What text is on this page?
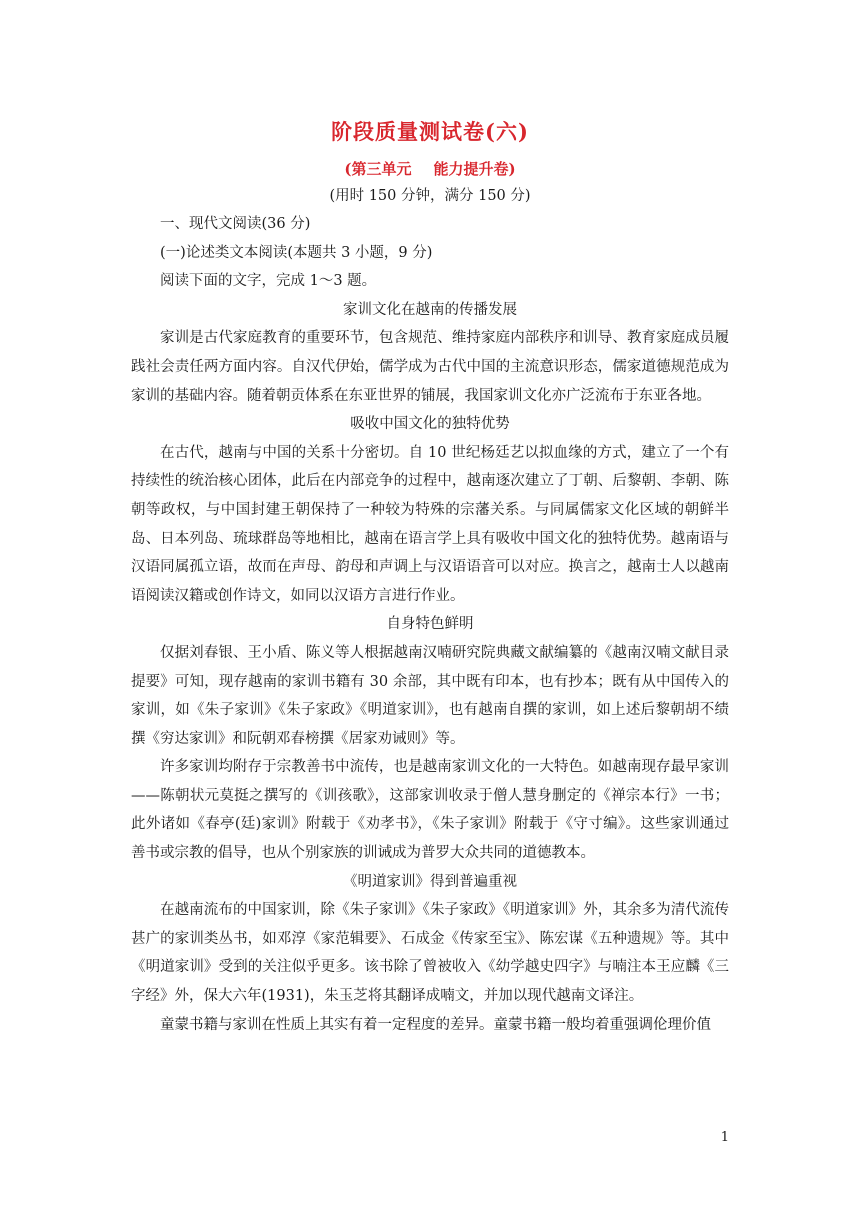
阶段质量测试卷(六)
(第三单元 能力提升卷)
(用时 150 分钟，满分 150 分)

一、现代文阅读(36 分)

(一)论述类文本阅读(本题共 3 小题，9 分)

阅读下面的文字，完成 1～3 题。

家训文化在越南的传播发展

家训是古代家庭教育的重要环节，包含规范、维持家庭内部秩序和训导、教育家庭成员履践社会责任两方面内容。自汉代伊始，儒学成为古代中国的主流意识形态，儒家道德规范成为家训的基础内容。随着朝贡体系在东亚世界的铺展，我国家训文化亦广泛流布于东亚各地。

吸收中国文化的独特优势

在古代，越南与中国的关系十分密切。自 10 世纪杨廷艺以拟血缘的方式，建立了一个有持续性的统治核心团体，此后在内部竞争的过程中，越南逐次建立了丁朝、后黎朝、李朝、陈朝等政权，与中国封建王朝保持了一种较为特殊的宗藩关系。与同属儒家文化区域的朝鲜半岛、日本列岛、琉球群岛等地相比，越南在语言学上具有吸收中国文化的独特优势。越南语与汉语同属孤立语，故而在声母、韵母和声调上与汉语语音可以对应。换言之，越南士人以越南语阅读汉籍或创作诗文，如同以汉语方言进行作业。

自身特色鲜明

仅据刘春银、王小盾、陈义等人根据越南汉喃研究院典藏文献编纂的《越南汉喃文献目录提要》可知，现存越南的家训书籍有 30 余部，其中既有印本，也有抄本；既有从中国传入的家训，如《朱子家训》《朱子家政》《明道家训》，也有越南自撰的家训，如上述后黎朝胡不绩撰《穷达家训》和阮朝邓春榜撰《居家劝诫则》等。

许多家训均附存于宗教善书中流传，也是越南家训文化的一大特色。如越南现存最早家训——陈朝状元莫挺之撰写的《训孩歌》，这部家训收录于僧人慧身删定的《禅宗本行》一书；此外诸如《春亭(廷)家训》附载于《劝孝书》，《朱子家训》附载于《守寸编》。这些家训通过善书或宗教的倡导，也从个别家族的训诫成为普罗大众共同的道德教本。

《明道家训》得到普遍重视

在越南流布的中国家训，除《朱子家训》《朱子家政》《明道家训》外，其余多为清代流传甚广的家训类丛书，如邓淳《家范辑要》、石成金《传家至宝》、陈宏谋《五种遗规》等。其中《明道家训》受到的关注似乎更多。该书除了曾被收入《幼学越史四字》与喃注本王应麟《三字经》外，保大六年(1931)，朱玉芝将其翻译成喃文，并加以现代越南文译注。

童蒙书籍与家训在性质上其实有着一定程度的差异。童蒙书籍一般均着重强调伦理价值

1
